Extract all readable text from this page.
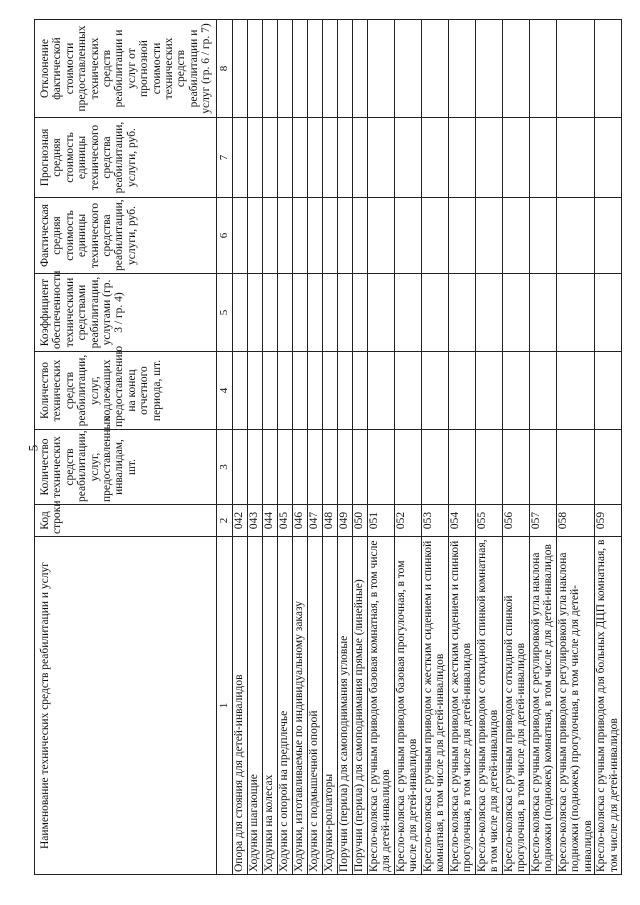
5
Наименование технических средств реабилитации и услуг	Код строки	Количество технических средств реабилитации, услуг, предоставленных инвалидам, шт.	Количество технических средств реабилитации, услуг, подлежащих предоставлению на конец отчетного периода, шт.	Коэффициент обеспеченности техническими средствами реабилитации, услугами (гр. 3 / гр. 4)	Фактическая средняя стоимость единицы технического средства реабилитации, услуги, руб.	Прогнозная средняя стоимость единицы технического средства реабилитации, услуги, руб.	Отклонение фактической стоимости предоставленных технических средств реабилитации и услуг от прогнозной стоимости технических средств реабилитации и услуг (гр. 6 / гр. 7)
1	2	3	4	5	6	7	8
Опора для стояния для детей-инвалидов	042						
Ходунки шагающие	043						
Ходунки на колесах	044						
Ходунки с опорой на предплечье	045						
Ходунки, изготавливаемые по индивидуальному заказу	046						
Ходунки с подмышечной опорой	047						
Ходунки-роллаторы	048						
Поручни (перила) для самоподнимания угловые	049						
Поручни (перила) для самоподнимания прямые (линейные)	050						
Кресло-коляска с ручным приводом базовая комнатная, в том числе для детей-инвалидов	051						
Кресло-коляска с ручным приводом базовая прогулочная, в том числе для детей-инвалидов	052						
Кресло-коляска с ручным приводом с жестким сидением и спинкой комнатная, в том числе для детей-инвалидов	053						
Кресло-коляска с ручным приводом с жестким сидением и спинкой прогулочная, в том числе для детей-инвалидов	054						
Кресло-коляска с ручным приводом с откидной спинкой комнатная, в том числе для детей-инвалидов	055						
Кресло-коляска с ручным приводом с откидной спинкой прогулочная, в том числе для детей-инвалидов	056						
Кресло-коляска с ручным приводом с регулировкой угла наклона подножки (подножек) комнатная, в том числе для детей-инвалидов	057						
Кресло-коляска с ручным приводом с регулировкой угла наклона подножки (подножек) прогулочная, в том числе для детей-инвалидов	058						
Кресло-коляска с ручным приводом для больных ДЦП комнатная, в том числе для детей-инвалидов	059						
